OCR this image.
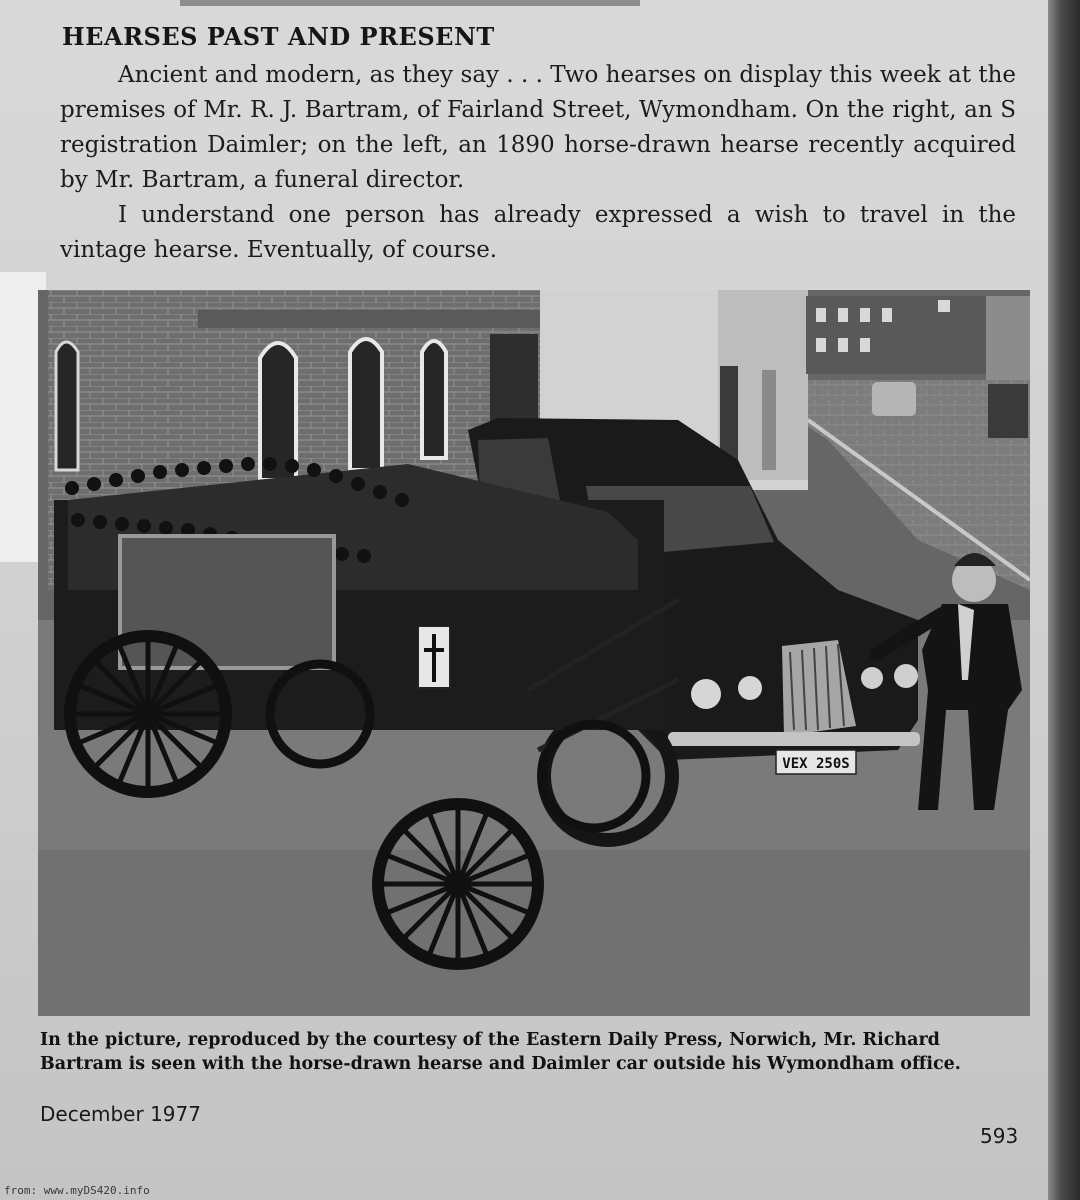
HEARSES PAST AND PRESENT

Ancient and modern, as they say . . . Two hearses on display this week at the premises of Mr. R. J. Bartram, of Fairland Street, Wymondham. On the right, an S registration Daimler; on the left, an 1890 horse-drawn hearse recently acquired by Mr. Bartram, a funeral director.

I understand one person has already expressed a wish to travel in the vintage hearse. Eventually, of course.

VEX 250S

In the picture, reproduced by the courtesy of the Eastern Daily Press, Norwich, Mr. Richard Bartram is seen with the horse-drawn hearse and Daimler car outside his Wymondham office.

December 1977
593
from: www.myDS420.info
